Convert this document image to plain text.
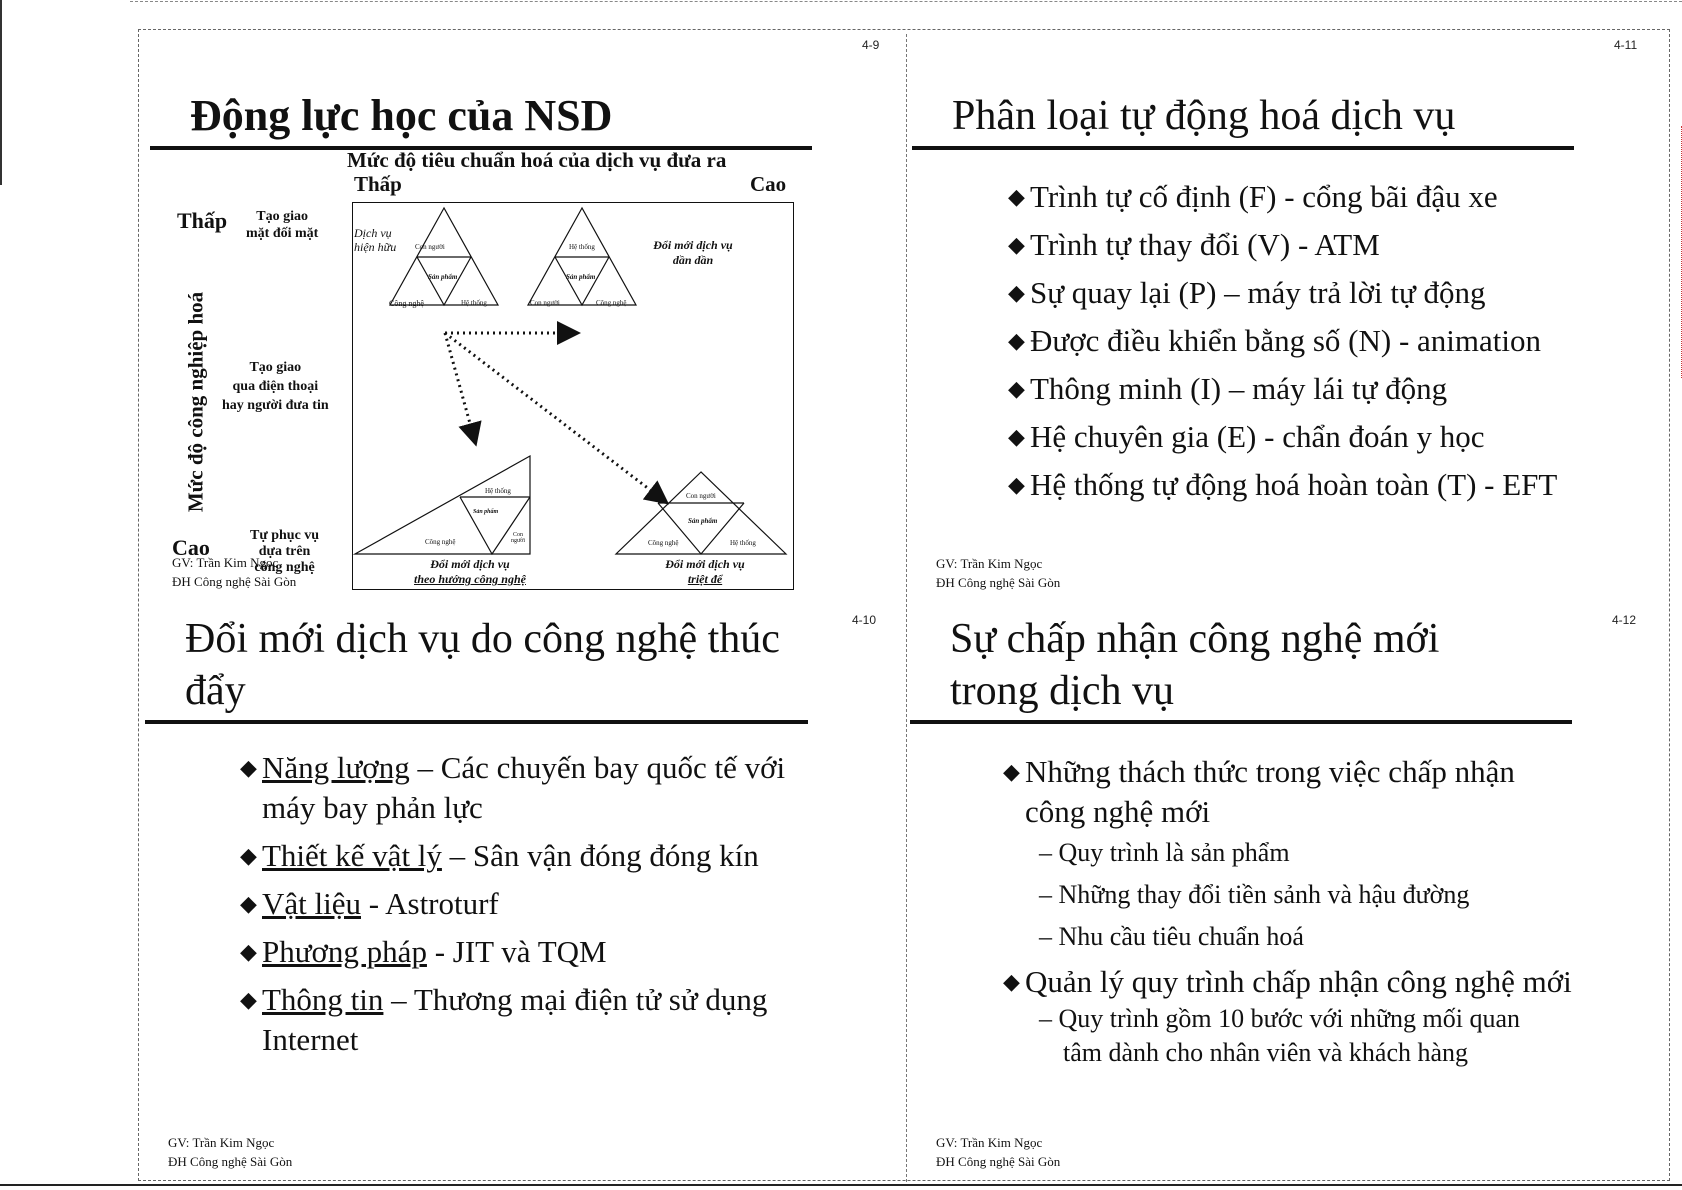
4-9
Động lực học của NSD
Mức độ tiêu chuẩn hoá của dịch vụ đưa ra
Thấp	Cao
Thấp
Mức độ công nghiệp hoá
Cao
Tạo giao
mặt đối mặt
Tạo giao
qua điện thoại
hay người đưa tin
Tự phục vụ
dựa trên
công nghệ
Con người
Sản phẩm
Công nghệ	Hệ thống
Hệ thống
Sản phẩm
Con người	Công nghệ
Hệ thống
Sản phẩm
Công nghệ
Con người
Con người
Sản phẩm
Công nghệ	Hệ thống
Dịch vụ
hiện hữu	Đổi mới dịch vụ
dần dần
Đổi mới dịch vụ
theo hướng công nghệ
Đổi mới dịch vụ
triệt để
GV: Trần Kim Ngọc
ĐH Công nghệ Sài Gòn
4-11
Phân loại tự động hoá dịch vụ
◆ Trình tự cố định (F) - cổng bãi đậu xe
◆ Trình tự thay đổi (V) - ATM
◆ Sự quay lại (P) – máy trả lời tự động
◆ Được điều khiển bằng số (N) - animation
◆ Thông minh (I) – máy lái tự động
◆ Hệ chuyên gia (E) - chẩn đoán y học
◆ Hệ thống tự động hoá hoàn toàn (T) - EFT
GV: Trần Kim Ngọc
ĐH Công nghệ Sài Gòn
4-10
Đổi mới dịch vụ do công nghệ thúc
đẩy
◆ Năng lượng – Các chuyến bay quốc tế với
máy bay phản lực
◆ Thiết kế vật lý – Sân vận đóng đóng kín
◆ Vật liệu - Astroturf
◆ Phương pháp - JIT và TQM
◆ Thông tin – Thương mại điện tử sử dụng
Internet
GV: Trần Kim Ngọc
ĐH Công nghệ Sài Gòn
4-12
Sự chấp nhận công nghệ mới
trong dịch vụ
◆ Những thách thức trong việc chấp nhận
công nghệ mới
– Quy trình là sản phẩm
– Những thay đổi tiền sảnh và hậu đường
– Nhu cầu tiêu chuẩn hoá
◆ Quản lý quy trình chấp nhận công nghệ mới
– Quy trình gồm 10 bước với những mối quan
tâm dành cho nhân viên và khách hàng
GV: Trần Kim Ngọc
ĐH Công nghệ Sài Gòn
